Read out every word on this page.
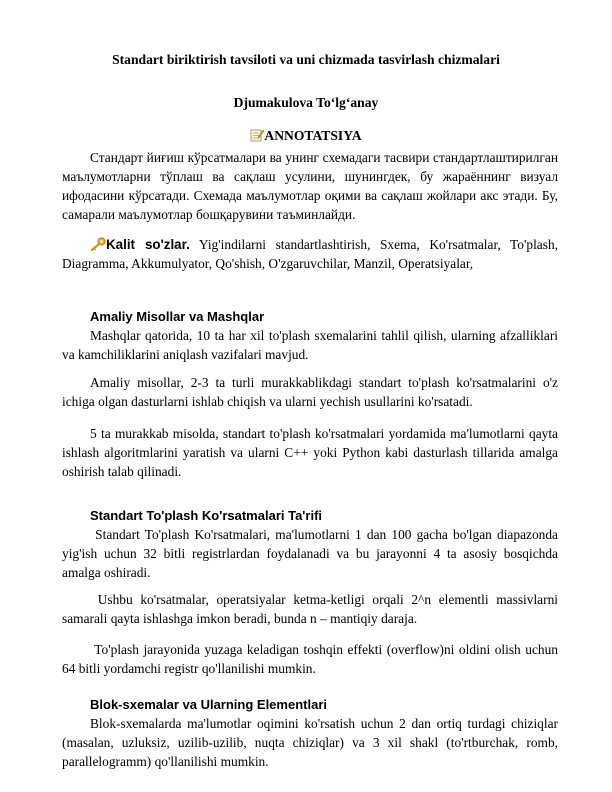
Standart biriktirish tavsiloti va uni chizmada tasvirlash chizmalari
Djumakulova To‘lg‘anay
ANNOTATSIYA
Стандарт йиғиш кўрсатмалари ва унинг схемадаги тасвири стандартлаштирилган маълумотларни тўплаш ва сақлаш усулини, шунингдек, бу жараённинг визуал ифодасини кўрсатади. Схемада маълумотлар оқими ва сақлаш жойлари акс этади. Бу, самарали маълумотлар бошқарувини таъминлайди.
Kalit so'zlar. Yig'indilarni standartlashtirish, Sxema, Ko'rsatmalar, To'plash, Diagramma, Akkumulyator, Qo'shish, O'zgaruvchilar, Manzil, Operatsiyalar,
Amaliy Misollar va Mashqlar
Mashqlar qatorida, 10 ta har xil to'plash sxemalarini tahlil qilish, ularning afzalliklari va kamchiliklarini aniqlash vazifalari mavjud.
Amaliy misollar, 2-3 ta turli murakkablikdagi standart to'plash ko'rsatmalarini o'z ichiga olgan dasturlarni ishlab chiqish va ularni yechish usullarini ko'rsatadi.
5 ta murakkab misolda, standart to'plash ko'rsatmalari yordamida ma'lumotlarni qayta ishlash algoritmlarini yaratish va ularni C++ yoki Python kabi dasturlash tillarida amalga oshirish talab qilinadi.
Standart To'plash Ko'rsatmalari Ta'rifi
Standart To'plash Ko'rsatmalari, ma'lumotlarni 1 dan 100 gacha bo'lgan diapazonda yig'ish uchun 32 bitli registrlardan foydalanadi va bu jarayonni 4 ta asosiy bosqichda amalga oshiradi.
Ushbu ko'rsatmalar, operatsiyalar ketma-ketligi orqali 2^n elementli massivlarni samarali qayta ishlashga imkon beradi, bunda n – mantiqiy daraja.
To'plash jarayonida yuzaga keladigan toshqin effekti (overflow)ni oldini olish uchun 64 bitli yordamchi registr qo'llanilishi mumkin.
Blok-sxemalar va Ularning Elementlari
Blok-sxemalarda ma'lumotlar oqimini ko'rsatish uchun 2 dan ortiq turdagi chiziqlar (masalan, uzluksiz, uzilib-uzilib, nuqta chiziqlar) va 3 xil shakl (to'rtburchak, romb, parallelogramm) qo'llanilishi mumkin.
